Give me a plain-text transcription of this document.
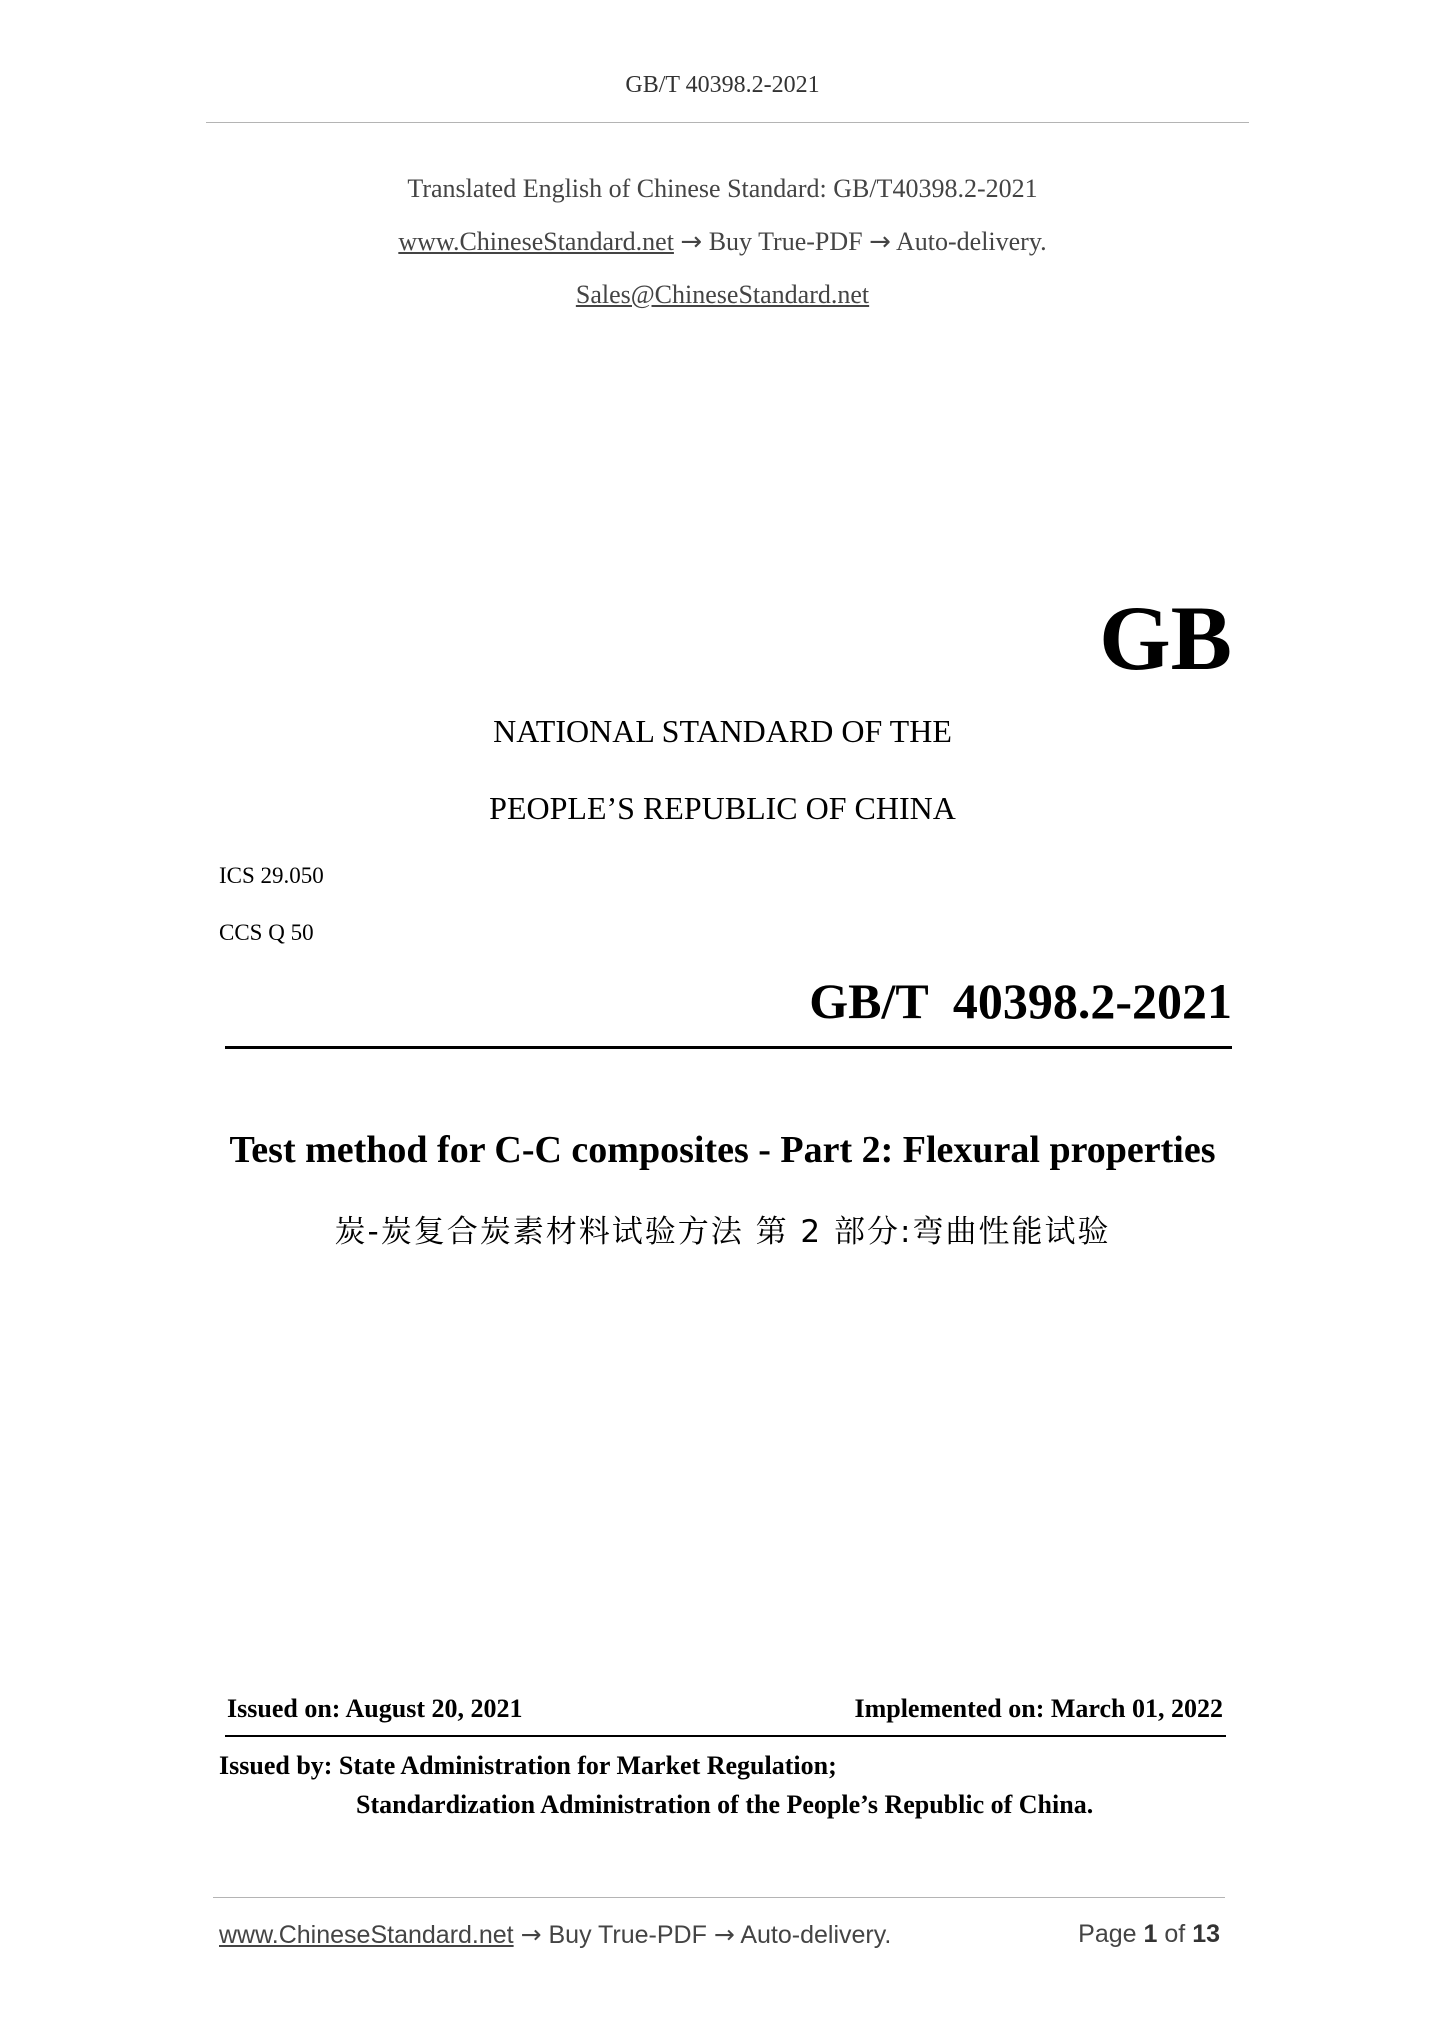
GB/T 40398.2-2021
Translated English of Chinese Standard: GB/T40398.2-2021
www.ChineseStandard.net → Buy True-PDF → Auto-delivery.
Sales@ChineseStandard.net
GB
NATIONAL STANDARD OF THE
PEOPLE’S REPUBLIC OF CHINA
ICS 29.050
CCS Q 50
GB/T  40398.2-2021
Test method for C-C composites - Part 2: Flexural properties
炭-炭复合炭素材料试验方法 第 2 部分:弯曲性能试验
Issued on: August 20, 2021	Implemented on: March 01, 2022
Issued by: State Administration for Market Regulation;
Standardization Administration of the People’s Republic of China.
www.ChineseStandard.net → Buy True-PDF → Auto-delivery.	Page 1 of 13
